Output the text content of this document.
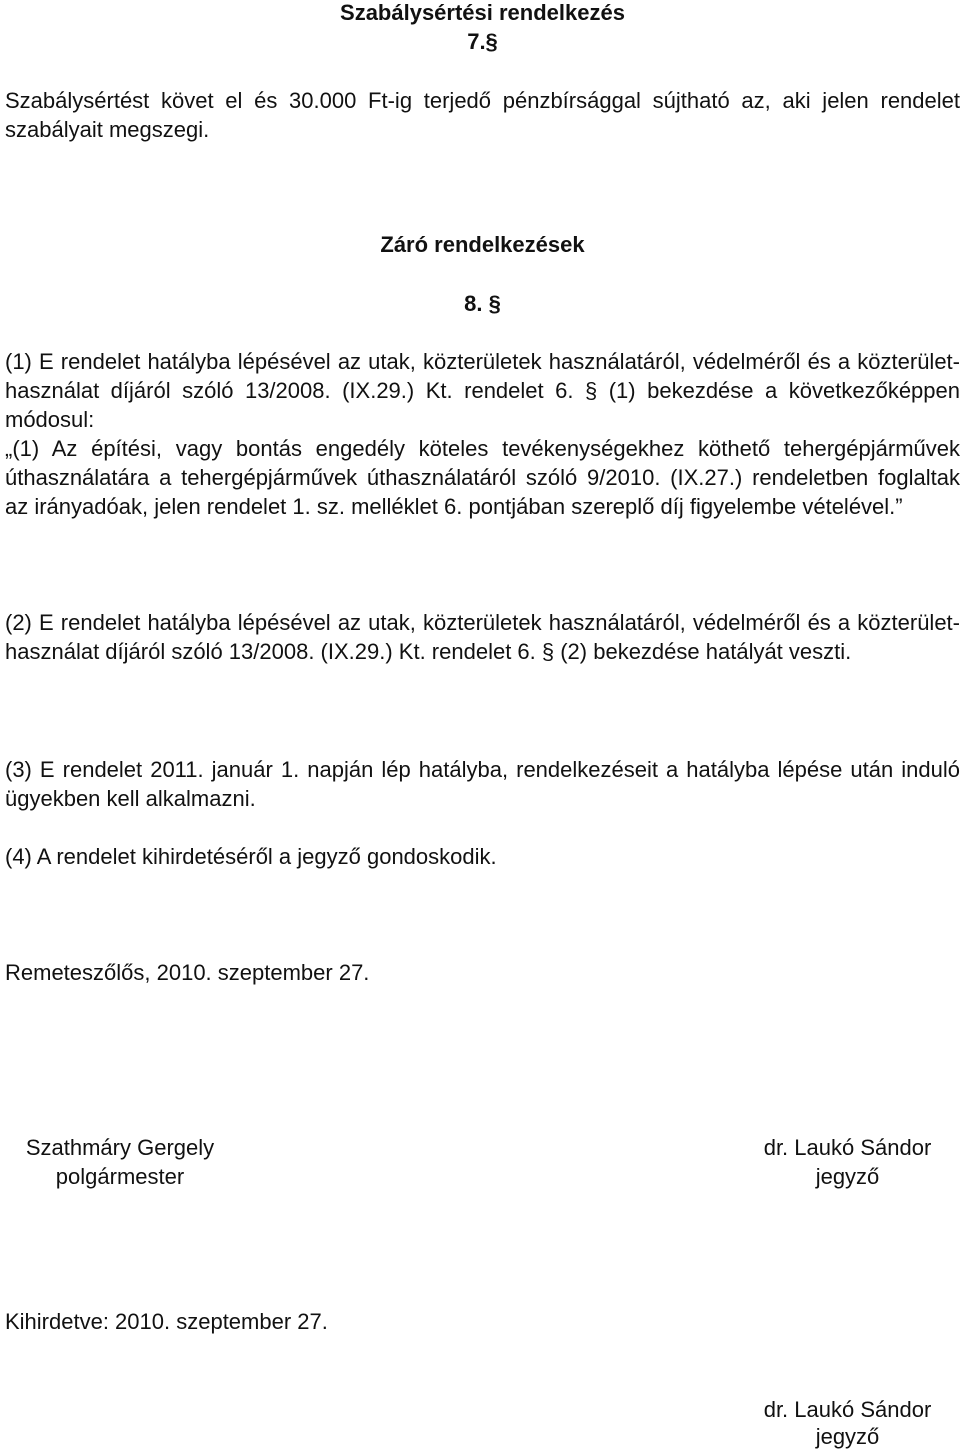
Szabálysértési rendelkezés
7.§
Szabálysértést követ el és 30.000 Ft-ig terjedő pénzbírsággal sújtható az, aki jelen rendelet szabályait megszegi.
Záró rendelkezések
8. §
(1) E rendelet hatályba lépésével az utak, közterületek használatáról, védelméről és a közterület-használat díjáról szóló 13/2008. (IX.29.) Kt. rendelet 6. § (1) bekezdése a következőképpen módosul:
„(1) Az építési, vagy bontás engedély köteles tevékenységekhez köthető tehergépjárművek úthasználatára a tehergépjárművek úthasználatáról szóló 9/2010. (IX.27.) rendeletben foglaltak az irányadóak, jelen rendelet 1. sz. melléklet 6. pontjában szereplő díj figyelembe vételével.”
(2) E rendelet hatályba lépésével az utak, közterületek használatáról, védelméről és a közterület-használat díjáról szóló 13/2008. (IX.29.) Kt. rendelet 6. § (2) bekezdése hatályát veszti.
(3) E rendelet 2011. január 1. napján lép hatályba, rendelkezéseit a hatályba lépése után induló ügyekben kell alkalmazni.
(4) A rendelet kihirdetéséről a jegyző gondoskodik.
Remeteszőlős, 2010. szeptember 27.
Szathmáry Gergely
polgármester
dr. Laukó Sándor
jegyző
Kihirdetve: 2010. szeptember 27.
dr. Laukó Sándor
jegyző
